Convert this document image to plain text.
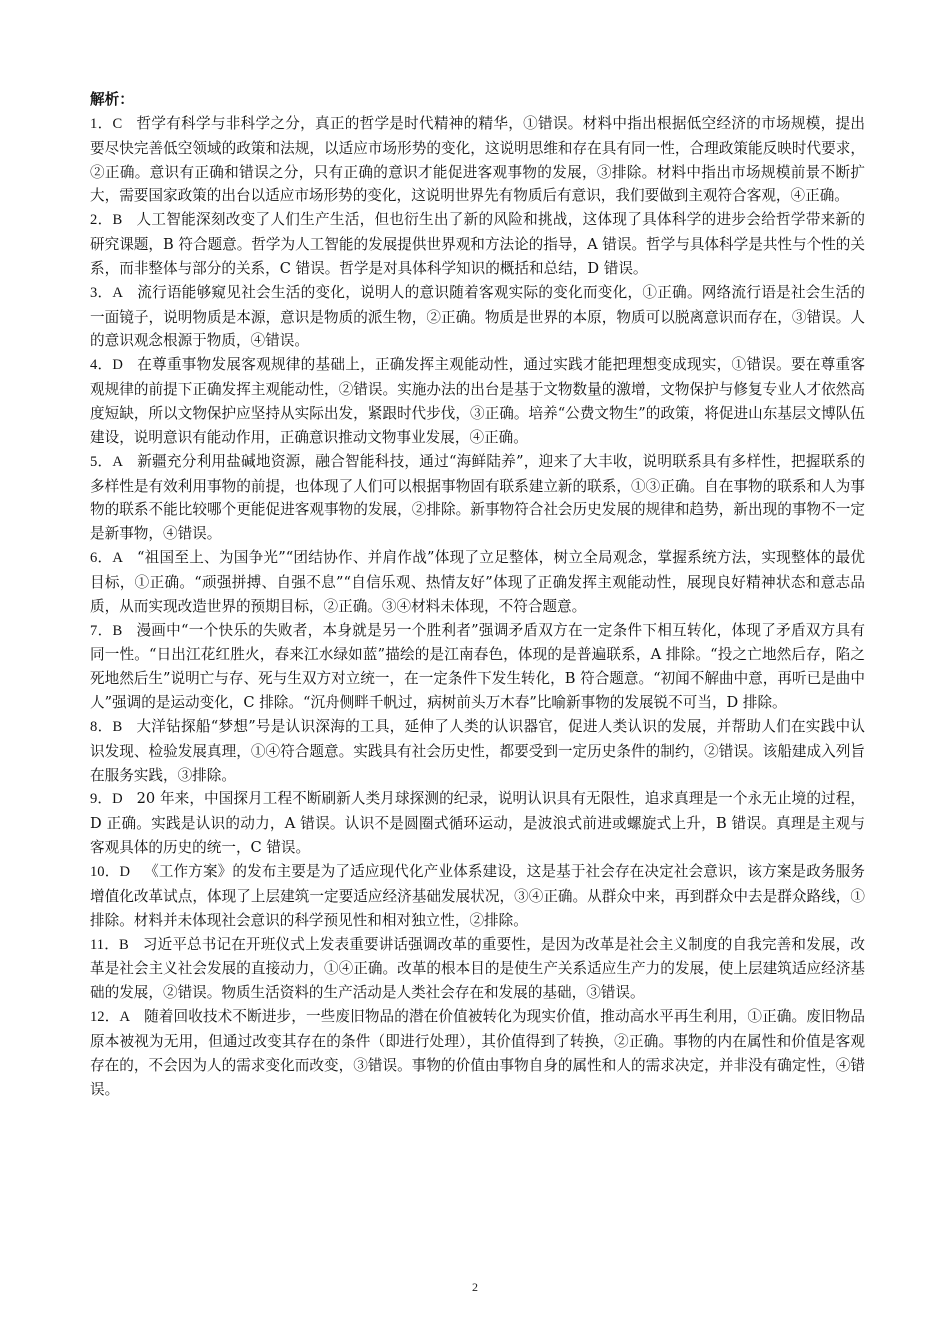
解析：

1．C 哲学有科学与非科学之分，真正的哲学是时代精神的精华，①错误。材料中指出根据低空经济的市场规模，提出要尽快完善低空领域的政策和法规，以适应市场形势的变化，这说明思维和存在具有同一性，合理政策能反映时代要求，②正确。意识有正确和错误之分，只有正确的意识才能促进客观事物的发展，③排除。材料中指出市场规模前景不断扩大，需要国家政策的出台以适应市场形势的变化，这说明世界先有物质后有意识，我们要做到主观符合客观，④正确。

2．B 人工智能深刻改变了人们生产生活，但也衍生出了新的风险和挑战，这体现了具体科学的进步会给哲学带来新的研究课题，B 符合题意。哲学为人工智能的发展提供世界观和方法论的指导，A 错误。哲学与具体科学是共性与个性的关系，而非整体与部分的关系，C 错误。哲学是对具体科学知识的概括和总结，D 错误。

3．A 流行语能够窥见社会生活的变化，说明人的意识随着客观实际的变化而变化，①正确。网络流行语是社会生活的一面镜子，说明物质是本源，意识是物质的派生物，②正确。物质是世界的本原，物质可以脱离意识而存在，③错误。人的意识观念根源于物质，④错误。

4．D 在尊重事物发展客观规律的基础上，正确发挥主观能动性，通过实践才能把理想变成现实，①错误。要在尊重客观规律的前提下正确发挥主观能动性，②错误。实施办法的出台是基于文物数量的激增，文物保护与修复专业人才依然高度短缺，所以文物保护应坚持从实际出发，紧跟时代步伐，③正确。培养“公费文物生”的政策，将促进山东基层文博队伍建设，说明意识有能动作用，正确意识推动文物事业发展，④正确。

5．A 新疆充分利用盐碱地资源，融合智能科技，通过“海鲜陆养”，迎来了大丰收，说明联系具有多样性，把握联系的多样性是有效利用事物的前提，也体现了人们可以根据事物固有联系建立新的联系，①③正确。自在事物的联系和人为事物的联系不能比较哪个更能促进客观事物的发展，②排除。新事物符合社会历史发展的规律和趋势，新出现的事物不一定是新事物，④错误。

6．A “祖国至上、为国争光”“团结协作、并肩作战”体现了立足整体，树立全局观念，掌握系统方法，实现整体的最优目标，①正确。“顽强拼搏、自强不息”“自信乐观、热情友好”体现了正确发挥主观能动性，展现良好精神状态和意志品质，从而实现改造世界的预期目标，②正确。③④材料未体现，不符合题意。

7．B 漫画中“一个快乐的失败者，本身就是另一个胜利者”强调矛盾双方在一定条件下相互转化，体现了矛盾双方具有同一性。“日出江花红胜火，春来江水绿如蓝”描绘的是江南春色，体现的是普遍联系，A 排除。“投之亡地然后存，陷之死地然后生”说明亡与存、死与生双方对立统一，在一定条件下发生转化，B 符合题意。“初闻不解曲中意，再听已是曲中人”强调的是运动变化，C 排除。“沉舟侧畔千帆过，病树前头万木春”比喻新事物的发展锐不可当，D 排除。

8．B 大洋钻探船“梦想”号是认识深海的工具，延伸了人类的认识器官，促进人类认识的发展，并帮助人们在实践中认识发现、检验发展真理，①④符合题意。实践具有社会历史性，都要受到一定历史条件的制约，②错误。该船建成入列旨在服务实践，③排除。

9．D 20 年来，中国探月工程不断刷新人类月球探测的纪录，说明认识具有无限性，追求真理是一个永无止境的过程，D 正确。实践是认识的动力，A 错误。认识不是圆圈式循环运动，是波浪式前进或螺旋式上升，B 错误。真理是主观与客观具体的历史的统一，C 错误。

10．D 《工作方案》的发布主要是为了适应现代化产业体系建设，这是基于社会存在决定社会意识，该方案是政务服务增值化改革试点，体现了上层建筑一定要适应经济基础发展状况，③④正确。从群众中来，再到群众中去是群众路线，①排除。材料并未体现社会意识的科学预见性和相对独立性，②排除。

11．B 习近平总书记在开班仪式上发表重要讲话强调改革的重要性，是因为改革是社会主义制度的自我完善和发展，改革是社会主义社会发展的直接动力，①④正确。改革的根本目的是使生产关系适应生产力的发展，使上层建筑适应经济基础的发展，②错误。物质生活资料的生产活动是人类社会存在和发展的基础，③错误。

12．A 随着回收技术不断进步，一些废旧物品的潜在价值被转化为现实价值，推动高水平再生利用，①正确。废旧物品原本被视为无用，但通过改变其存在的条件（即进行处理），其价值得到了转换，②正确。事物的内在属性和价值是客观存在的，不会因为人的需求变化而改变，③错误。事物的价值由事物自身的属性和人的需求决定，并非没有确定性，④错误。

2
